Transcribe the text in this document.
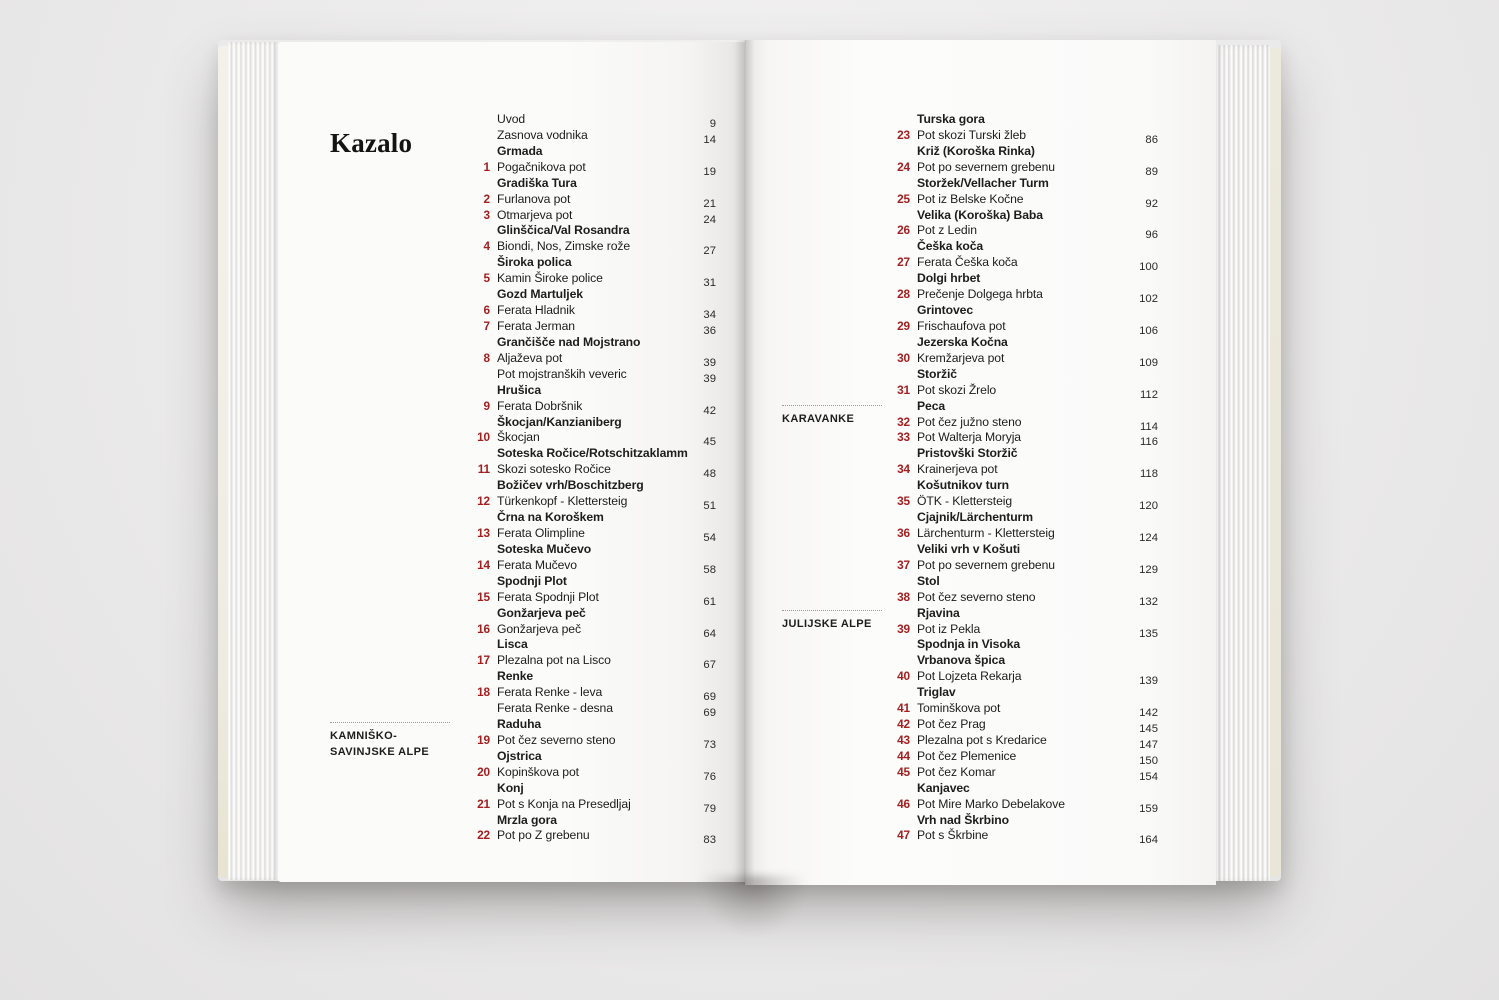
Kazalo
KAMNIŠKO-
SAVINJSKE ALPE
KARAVANKE
JULIJSKE ALPE
Uvod	9
Zasnova vodnika	14
Grmada
1 Pogačnikova pot	19
Gradiška Tura
2 Furlanova pot	21
3 Otmarjeva pot	24
Glinščica/Val Rosandra
4 Biondi, Nos, Zimske rože	27
Široka polica
5 Kamin Široke police	31
Gozd Martuljek
6 Ferata Hladnik	34
7 Ferata Jerman	36
Grančišče nad Mojstrano
8 Aljaževa pot	39
Pot mojstranških veveric	39
Hrušica
9 Ferata Dobršnik	42
Škocjan/Kanzianiberg
10 Škocjan	45
Soteska Ročice/Rotschitzaklamm
11 Skozi sotesko Ročice	48
Božičev vrh/Boschitzberg
12 Türkenkopf - Klettersteig	51
Črna na Koroškem
13 Ferata Olimpline	54
Soteska Mučevo
14 Ferata Mučevo	58
Spodnji Plot
15 Ferata Spodnji Plot	61
Gonžarjeva peč
16 Gonžarjeva peč	64
Lisca
17 Plezalna pot na Lisco	67
Renke
18 Ferata Renke - leva	69
Ferata Renke - desna	69
Raduha
19 Pot čez severno steno	73
Ojstrica
20 Kopinškova pot	76
Konj
21 Pot s Konja na Presedljaj	79
Mrzla gora
22 Pot po Z grebenu	83
Turska gora
23 Pot skozi Turski žleb	86
Križ (Koroška Rinka)
24 Pot po severnem grebenu	89
Storžek/Vellacher Turm
25 Pot iz Belske Kočne	92
Velika (Koroška) Baba
26 Pot z Ledin	96
Češka koča
27 Ferata Češka koča	100
Dolgi hrbet
28 Prečenje Dolgega hrbta	102
Grintovec
29 Frischaufova pot	106
Jezerska Kočna
30 Kremžarjeva pot	109
Storžič
31 Pot skozi Žrelo	112
Peca
32 Pot čez južno steno	114
33 Pot Walterja Moryja	116
Pristovški Storžič
34 Krainerjeva pot	118
Košutnikov turn
35 ÖTK - Klettersteig	120
Cjajnik/Lärchenturm
36 Lärchenturm - Klettersteig	124
Veliki vrh v Košuti
37 Pot po severnem grebenu	129
Stol
38 Pot čez severno steno	132
Rjavina
39 Pot iz Pekla	135
Spodnja in Visoka
Vrbanova špica
40 Pot Lojzeta Rekarja	139
Triglav
41 Tominškova pot	142
42 Pot čez Prag	145
43 Plezalna pot s Kredarice	147
44 Pot čez Plemenice	150
45 Pot čez Komar	154
Kanjavec
46 Pot Mire Marko Debelakove	159
Vrh nad Škrbino
47 Pot s Škrbine	164
